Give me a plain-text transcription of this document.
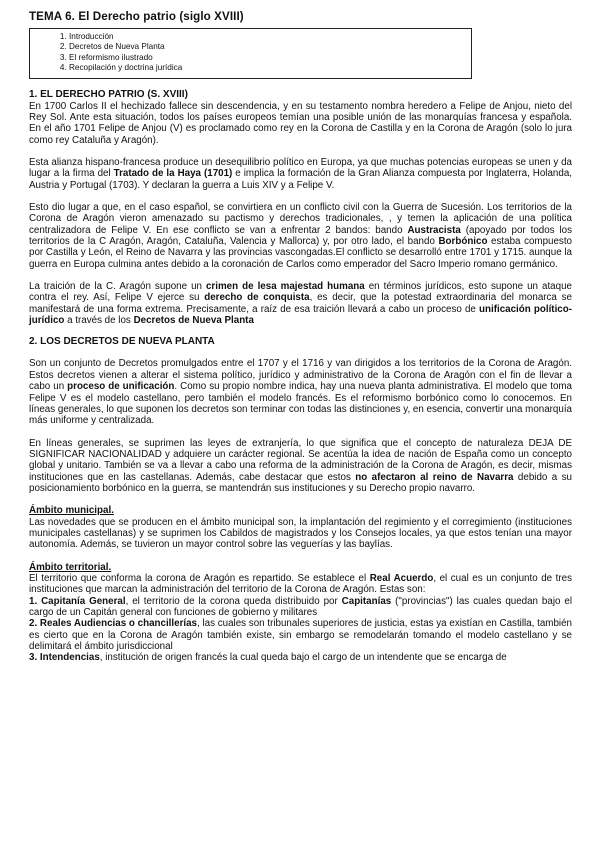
TEMA 6. El Derecho patrio (siglo XVIII)
1. Introducción
2. Decretos de Nueva Planta
3. El reformismo ilustrado
4. Recopilación y doctrina jurídica
1. EL DERECHO PATRIO (S. XVIII)

En 1700 Carlos II el hechizado fallece sin descendencia, y en su testamento nombra heredero a Felipe de Anjou, nieto del Rey Sol. Ante esta situación, todos los países europeos temían una posible unión de las monarquías francesa y española. En el año 1701 Felipe de Anjou (V) es proclamado como rey en la Corona de Castilla y en la Corona de Aragón (solo lo jura como rey Cataluña y Aragón).

Esta alianza hispano-francesa produce un desequilibrio político en Europa, ya que muchas potencias europeas se unen y da lugar a la firma del Tratado de la Haya (1701) e implica la formación de la Gran Alianza compuesta por Inglaterra, Holanda, Austria y Portugal (1703). Y declaran la guerra a Luis XIV y a Felipe V.

Esto dio lugar a que, en el caso español, se convirtiera en un conflicto civil con la Guerra de Sucesión. Los territorios de la Corona de Aragón vieron amenazado su pactismo y derechos tradicionales, , y temen la aplicación de una política centralizadora de Felipe V. En ese conflicto se van a enfrentar 2 bandos: bando Austracista (apoyado por todos los territorios de la C Aragón, Aragón, Cataluña, Valencia y Mallorca) y, por otro lado, el bando Borbónico estaba compuesto por Castilla y León, el Reino de Navarra y las provincias vascongadas.El conflicto se desarrolló entre 1701 y 1715. aunque la guerra en Europa culmina antes debido a la coronación de Carlos como emperador del Sacro Imperio romano germánico.

La traición de la C. Aragón supone un crimen de lesa majestad humana en términos jurídicos, esto supone un ataque contra el rey. Así, Felipe V ejerce su derecho de conquista, es decir, que la potestad extraordinaria del monarca se manifestará de una forma extrema. Precisamente, a raíz de esa traición llevará a cabo un proceso de unificación político-jurídico a través de los Decretos de Nueva Planta

2. LOS DECRETOS DE NUEVA PLANTA

Son un conjunto de Decretos promulgados entre el 1707 y el 1716 y van dirigidos a los territorios de la Corona de Aragón. Estos decretos vienen a alterar el sistema político, jurídico y administrativo de la Corona de Aragón con el fin de llevar a cabo un proceso de unificación. Como su propio nombre indica, hay una nueva planta administrativa. El modelo que toma Felipe V es el modelo castellano, pero también el modelo francés. Es el reformismo borbónico como lo conocemos. En líneas generales, lo que suponen los decretos son terminar con todas las distinciones y, en esencia, convertir una monarquía más uniforme y centralizada.

En líneas generales, se suprimen las leyes de extranjería, lo que significa que el concepto de naturaleza DEJA DE SIGNIFICAR NACIONALIDAD y adquiere un carácter regional. Se acentúa la idea de nación de España como un concepto global y unitario. También se va a llevar a cabo una reforma de la administración de la Corona de Aragón, es decir, mismas instituciones que en las castellanas. Además, cabe destacar que estos no afectaron al reino de Navarra debido a su posicionamiento borbónico en la guerra, se mantendrán sus instituciones y su Derecho propio navarro.

Ámbito municipal.

Las novedades que se producen en el ámbito municipal son, la implantación del regimiento y el corregimiento (instituciones municipales castellanas) y se suprimen los Cabildos de magistrados y los Consejos locales, ya que estos tenían una mayor autonomía. Además, se tuvieron un mayor control sobre las veguerías y las baylías.

Ámbito territorial.

El territorio que conforma la corona de Aragón es repartido. Se establece el Real Acuerdo, el cual es un conjunto de tres instituciones que marcan la administración del territorio de la Corona de Aragón. Estas son:

1. Capitanía General, el territorio de la corona queda distribuido por Capitanías ("provincias") las cuales quedan bajo el cargo de un Capitán general con funciones de gobierno y militares

2. Reales Audiencias o chancillerías, las cuales son tribunales superiores de justicia, estas ya existían en Castilla, también es cierto que en la Corona de Aragón también existe, sin embargo se remodelarán tomando el modelo castellano y se delimitará el ámbito jurisdiccional

3. Intendencias, institución de origen francés la cual queda bajo el cargo de un intendente que se encarga de
